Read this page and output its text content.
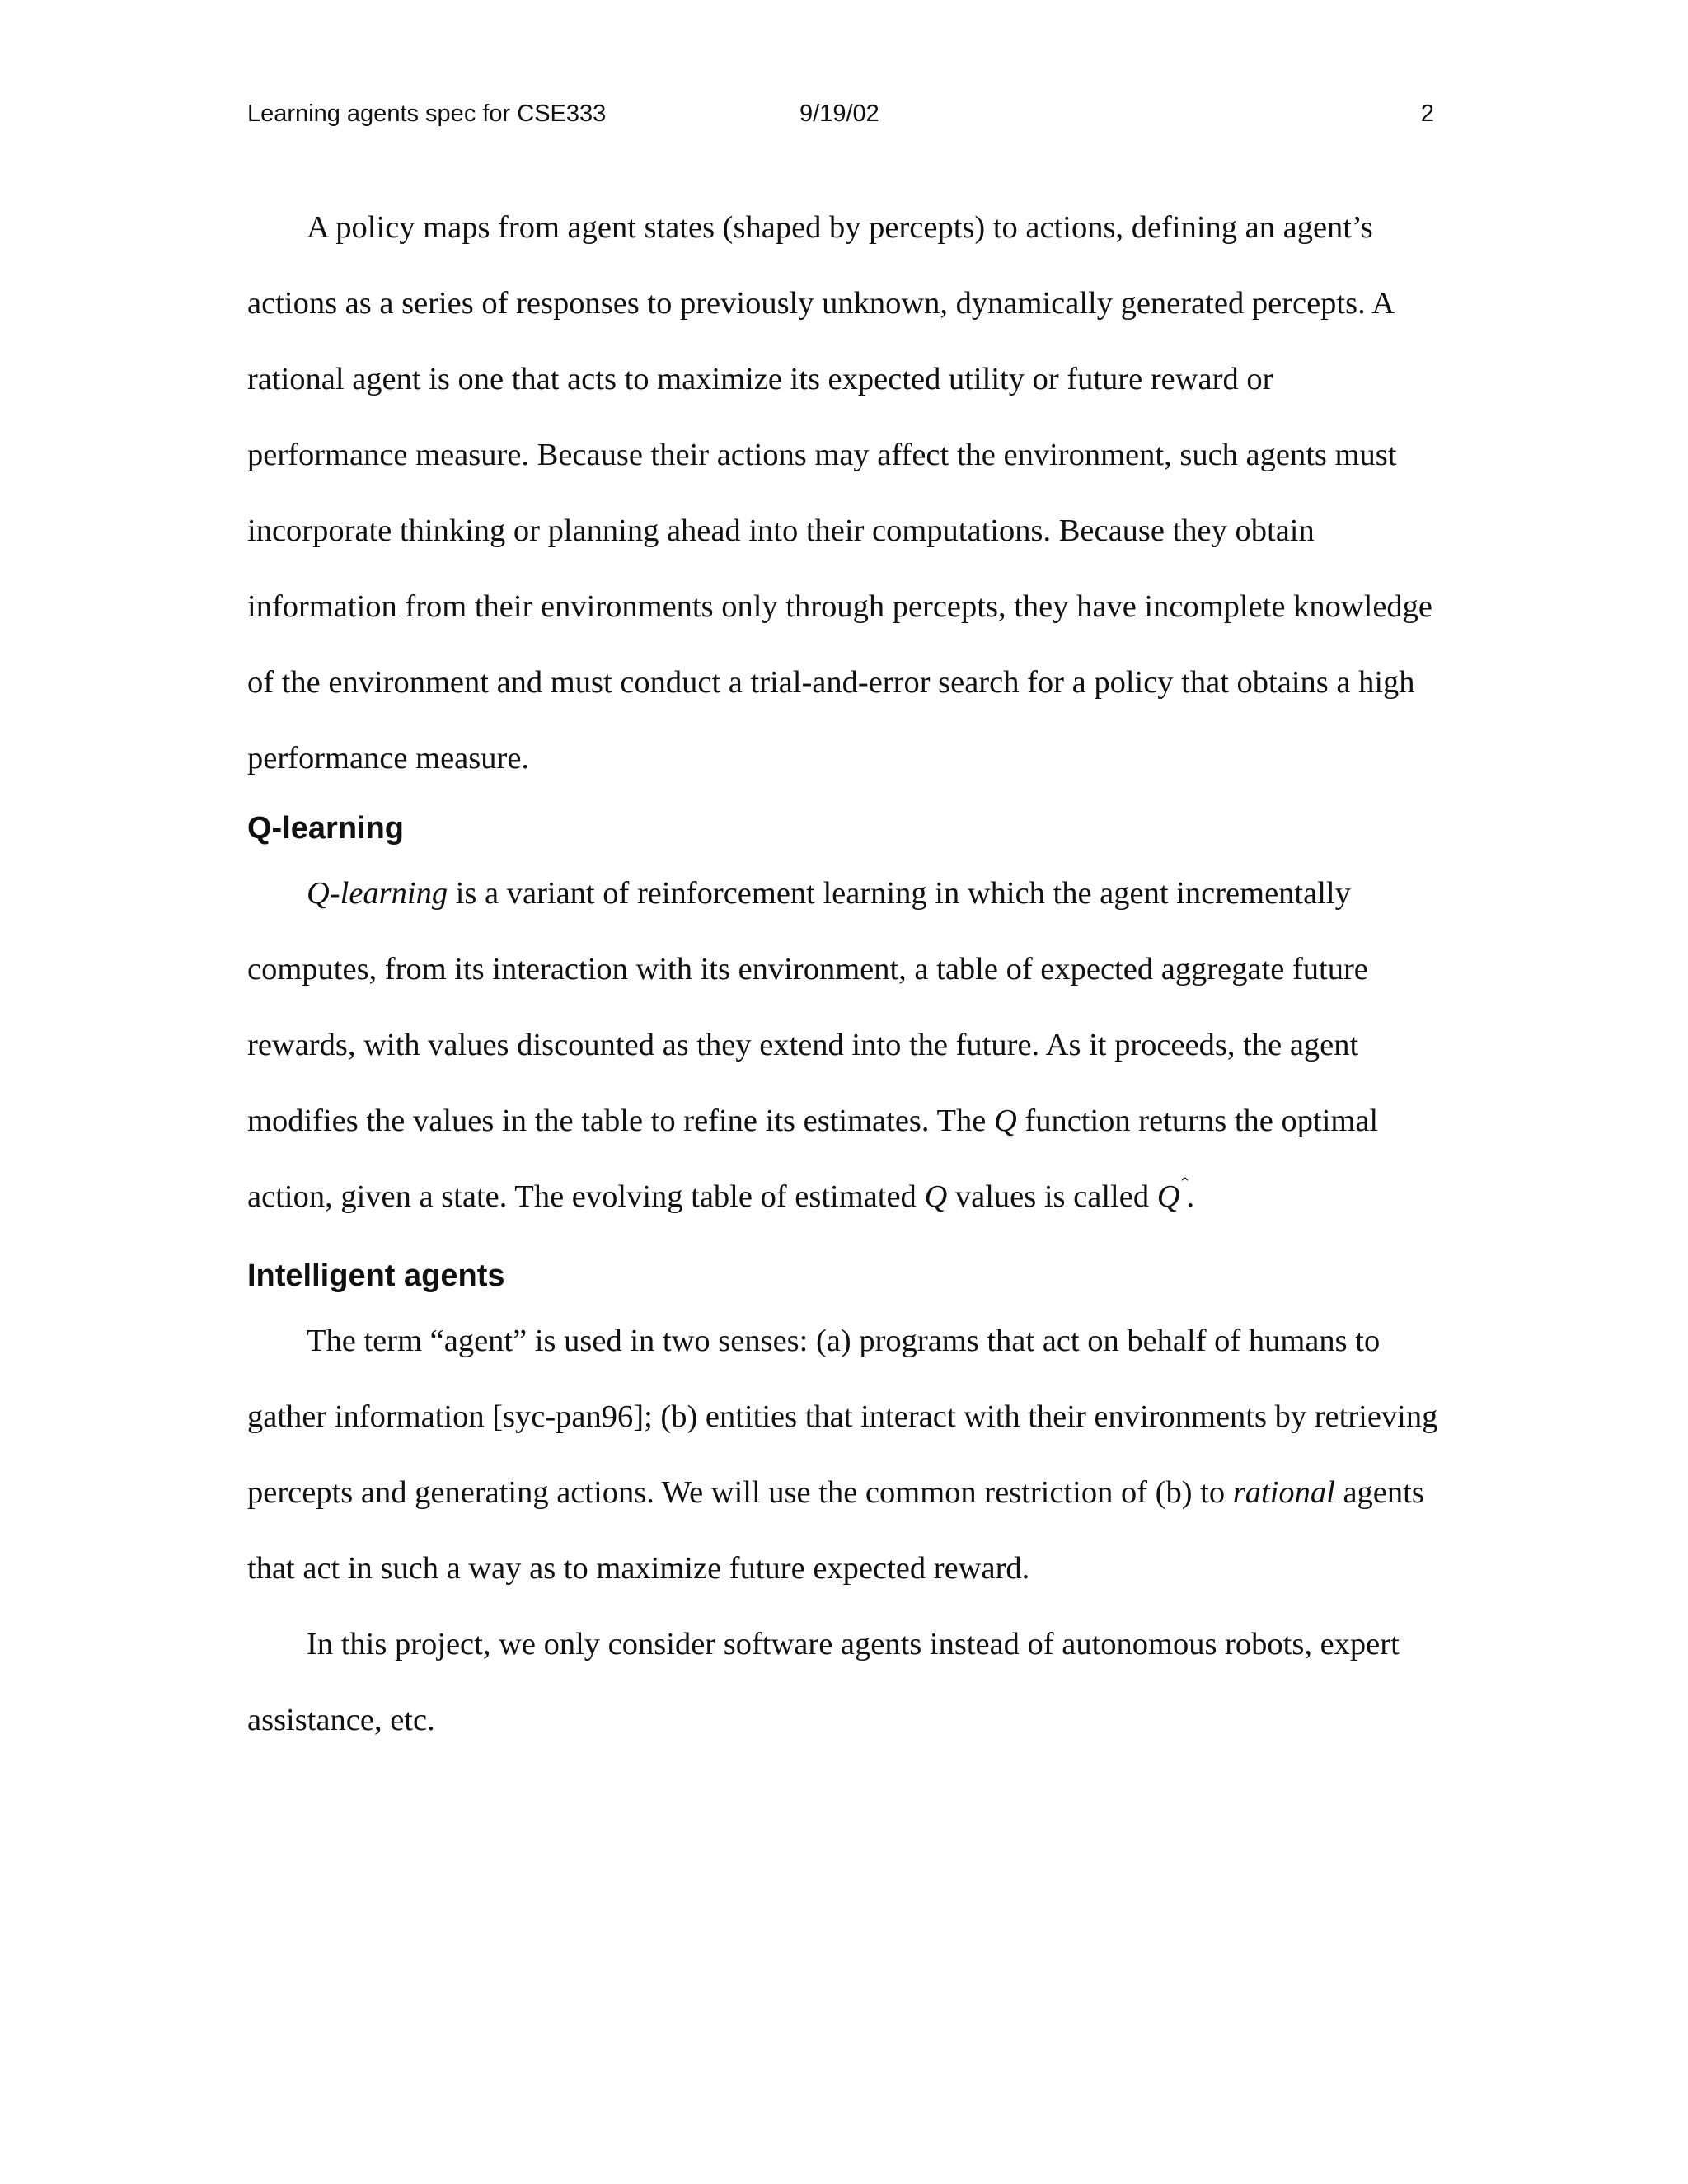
Learning agents spec for CSE333	9/19/02	2

A policy maps from agent states (shaped by percepts) to actions, defining an agent’s actions as a series of responses to previously unknown, dynamically generated percepts. A rational agent is one that acts to maximize its expected utility or future reward or performance measure. Because their actions may affect the environment, such agents must incorporate thinking or planning ahead into their computations. Because they obtain information from their environments only through percepts, they have incomplete knowledge of the environment and must conduct a trial-and-error search for a policy that obtains a high performance measure.

Q-learning

Q-learning is a variant of reinforcement learning in which the agent incrementally computes, from its interaction with its environment, a table of expected aggregate future rewards, with values discounted as they extend into the future. As it proceeds, the agent modifies the values in the table to refine its estimates. The Q function returns the optimal action, given a state. The evolving table of estimated Q values is called $Q^ˆ$.

Intelligent agents

The term “agent” is used in two senses: (a) programs that act on behalf of humans to gather information [syc-pan96]; (b) entities that interact with their environments by retrieving percepts and generating actions. We will use the common restriction of (b) to rational agents that act in such a way as to maximize future expected reward.

In this project, we only consider software agents instead of autonomous robots, expert assistance, etc.
